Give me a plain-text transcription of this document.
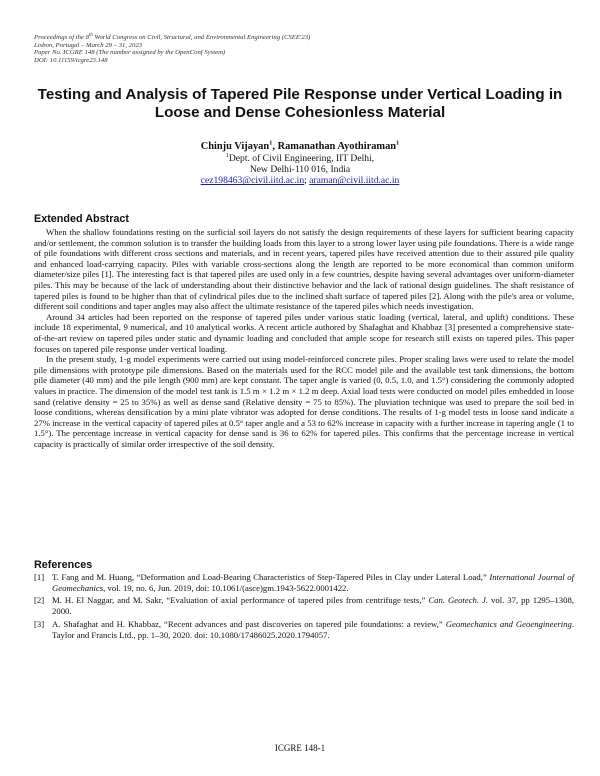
Proceedings of the 8th World Congress on Civil, Structural, and Environmental Engineering (CSEE'23)
Lisbon, Portugal – March 29 – 31, 2023
Paper No. ICGRE 148 (The number assigned by the OpenConf System)
DOI: 10.11159/icgre23.148
Testing and Analysis of Tapered Pile Response under Vertical Loading in Loose and Dense Cohesionless Material
Chinju Vijayan$^1$, Ramanathan Ayothiraman$^1$
$^1$Dept. of Civil Engineering, IIT Delhi,
New Delhi-110 016, India
cez198463@civil.iitd.ac.in; araman@civil.iitd.ac.in
Extended Abstract

When the shallow foundations resting on the surficial soil layers do not satisfy the design requirements of these layers for sufficient bearing capacity and/or settlement, the common solution is to transfer the building loads from this layer to a strong lower layer using pile foundations. There is a wide range of pile foundations with different cross sections and materials, and in recent years, tapered piles have received attention due to their assured pile quality and enhanced load-carrying capacity. Piles with variable cross-sections along the length are reported to be more economical than common uniform diameter/size piles [1]. The interesting fact is that tapered piles are used only in a few countries, despite having several advantages over uniform-diameter piles. This may be because of the lack of understanding about their distinctive behavior and the lack of rational design guidelines. The shaft resistance of tapered piles is found to be higher than that of cylindrical piles due to the inclined shaft surface of tapered piles [2]. Along with the pile's area or volume, different soil conditions and taper angles may also affect the ultimate resistance of the tapered piles which needs investigation.

Around 34 articles had been reported on the response of tapered piles under various static loading (vertical, lateral, and uplift) conditions. These include 18 experimental, 9 numerical, and 10 analytical works. A recent article authored by Shafaghat and Khabbaz [3] presented a comprehensive state-of-the-art review on tapered piles under static and dynamic loading and concluded that ample scope for research still exists on tapered piles. This paper focuses on tapered pile response under vertical loading.

In the present study, 1-g model experiments were carried out using model-reinforced concrete piles. Proper scaling laws were used to relate the model pile dimensions with prototype pile dimensions. Based on the materials used for the RCC model pile and the available test tank dimensions, the bottom pile diameter (40 mm) and the pile length (900 mm) are kept constant. The taper angle is varied (0, 0.5, 1.0, and 1.5°) considering the commonly adopted values in practice. The dimension of the model test tank is 1.5 m × 1.2 m × 1.2 m deep. Axial load tests were conducted on model piles embedded in loose sand (relative density = 25 to 35%) as well as dense sand (Relative density = 75 to 85%). The pluviation technique was used to prepare the soil bed in loose conditions, whereas densification by a mini plate vibrator was adopted for dense conditions. The results of 1-g model tests in loose sand indicate a 27% increase in the vertical capacity of tapered piles at 0.5° taper angle and a 53 to 62% increase in capacity with a further increase in tapering angle (1 to 1.5°). The percentage increase in vertical capacity for dense sand is 36 to 62% for tapered piles. This confirms that the percentage increase in vertical capacity is practically of similar order irrespective of the soil density.

References
[1] T. Fang and M. Huang, “Deformation and Load-Bearing Characteristics of Step-Tapered Piles in Clay under Lateral Load,” International Journal of Geomechanics, vol. 19, no. 6, Jun. 2019, doi: 10.1061/(asce)gm.1943-5622.0001422.
[2] M. H. El Naggar, and M. Sakr, “Evaluation of axial performance of tapered piles from centrifuge tests,” Can. Geotech. J. vol. 37, pp 1295–1308, 2000.
[3] A. Shafaghat and H. Khabbaz, “Recent advances and past discoveries on tapered pile foundations: a review,” Geomechanics and Geoengineering. Taylor and Francis Ltd., pp. 1–30, 2020. doi: 10.1080/17486025.2020.1794057.
ICGRE 148-1
